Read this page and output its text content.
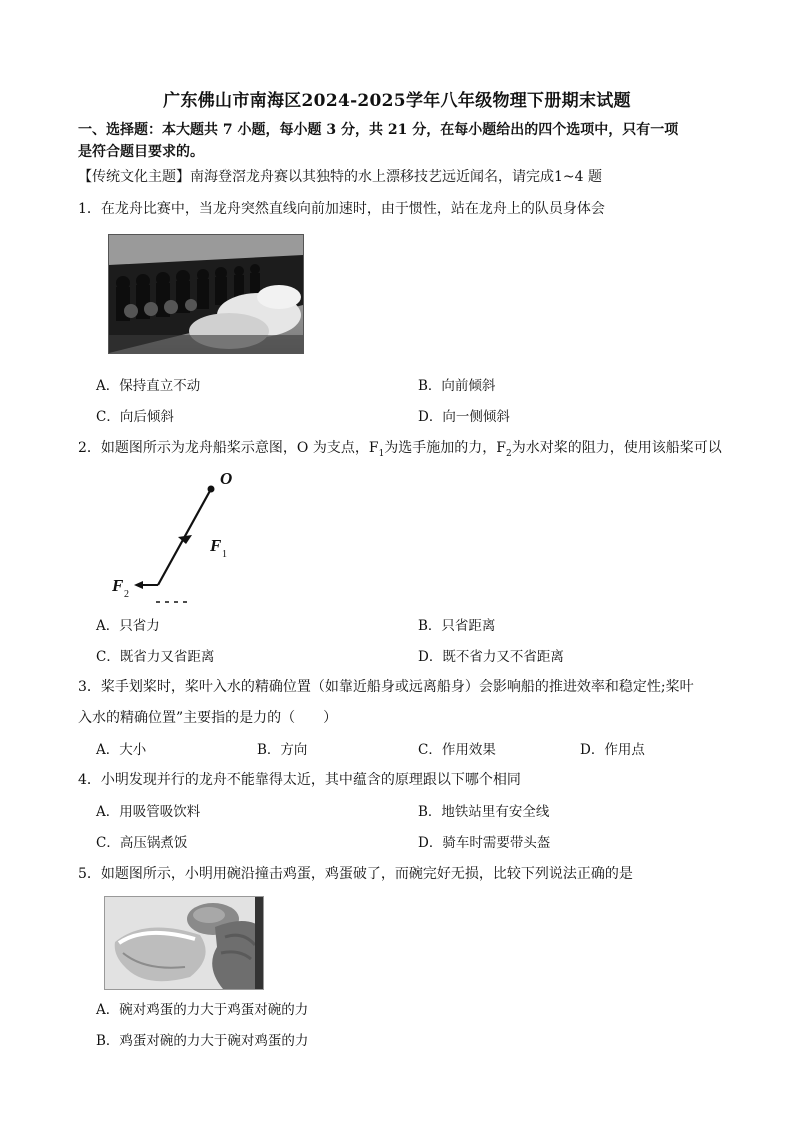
广东佛山市南海区2024-2025学年八年级物理下册期末试题
一、选择题：本大题共 7 小题，每小题 3 分，共 21 分，在每小题给出的四个选项中，只有一项
是符合题目要求的。
【传统文化主题】南海登滘龙舟赛以其独特的水上漂移技艺远近闻名，请完成1~4 题
1．在龙舟比赛中，当龙舟突然直线向前加速时，由于惯性，站在龙舟上的队员身体会
A．保持直立不动	B．向前倾斜
C．向后倾斜	D．向一侧倾斜
2．如题图所示为龙舟船桨示意图，O 为支点，$F_1$为选手施加的力，$F_2$为水对桨的阻力，使用该船桨可以
O
F 1
F 2
A．只省力	B．只省距离
C．既省力又省距离	D．既不省力又不省距离
3．桨手划桨时，桨叶入水的精确位置（如靠近船身或远离船身）会影响船的推进效率和稳定性;桨叶
入水的精确位置”主要指的是力的（　　）
A．大小	B．方向	C．作用效果	D．作用点
4．小明发现并行的龙舟不能靠得太近，其中蕴含的原理跟以下哪个相同
A．用吸管吸饮料	B．地铁站里有安全线
C．高压锅煮饭	D．骑车时需要带头盔
5．如题图所示，小明用碗沿撞击鸡蛋，鸡蛋破了，而碗完好无损，比较下列说法正确的是
A．碗对鸡蛋的力大于鸡蛋对碗的力
B．鸡蛋对碗的力大于碗对鸡蛋的力
